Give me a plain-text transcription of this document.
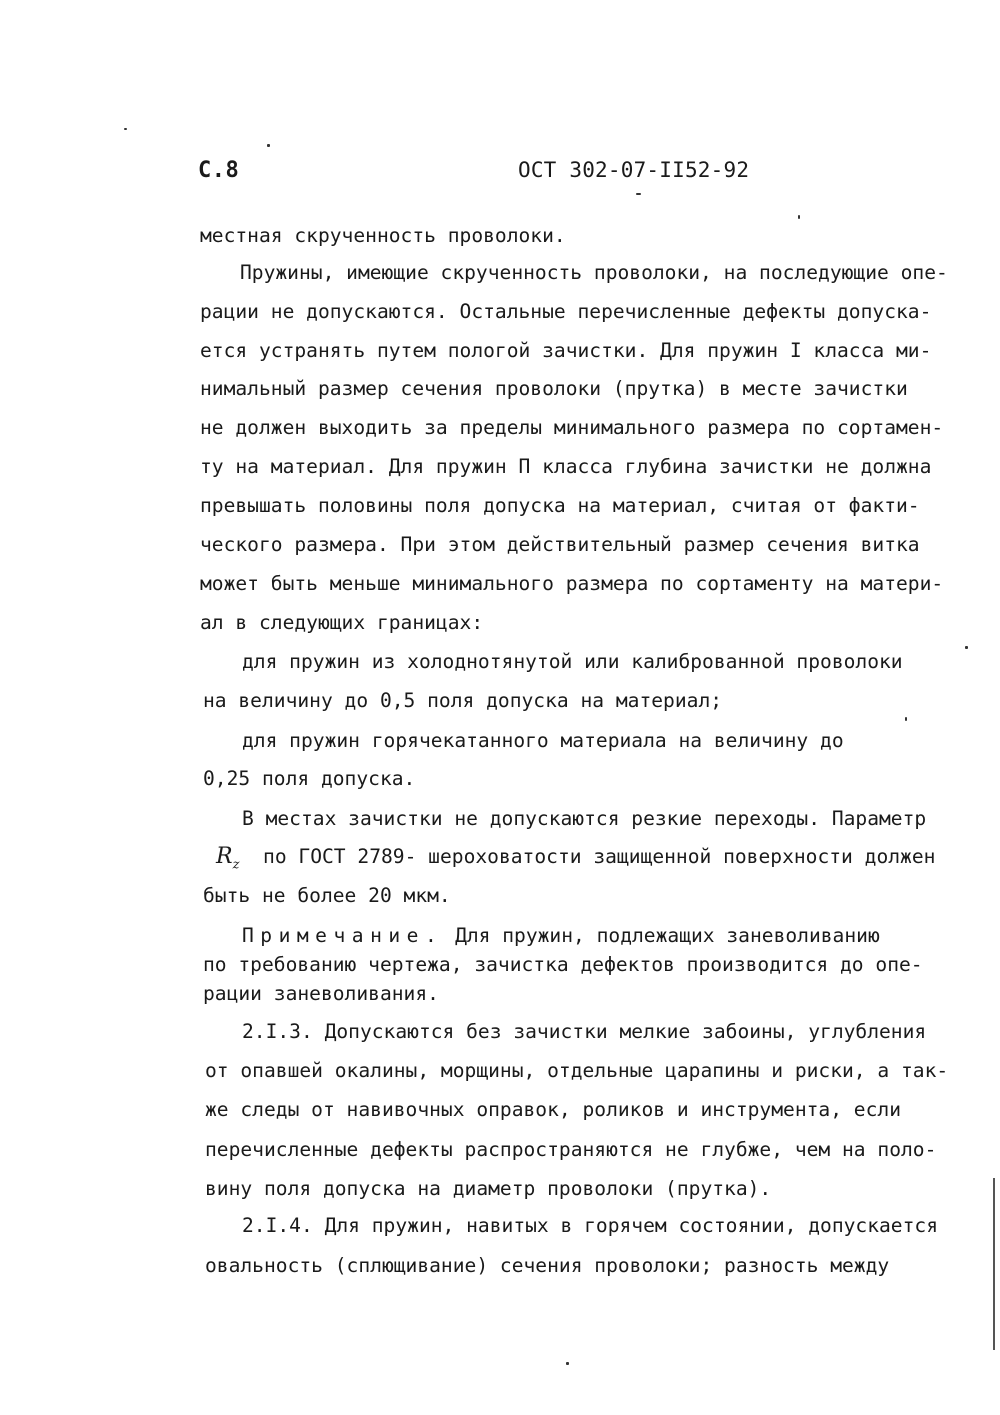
С.8	ОСТ 302-07-II52-92
местная скрученность проволоки.
Пружины, имеющие скрученность проволоки, на последующие опе-
рации не допускаются. Остальные перечисленные дефекты допуска-
ется устранять путем пологой зачистки. Для пружин I класса ми-
нимальный размер сечения проволоки (прутка) в месте зачистки
не должен выходить за пределы минимального размера по сортамен-
ту на материал. Для пружин П класса глубина зачистки не должна
превышать половины поля допуска на материал, считая от факти-
ческого размера. При этом действительный размер сечения витка
может быть меньше минимального размера по сортаменту на матери-
ал в следующих границах:
для пружин из холоднотянутой или калиброванной проволоки
на величину до 0,5 поля допуска на материал;
для пружин горячекатанного материала на величину до
0,25 поля допуска.
В местах зачистки не допускаются резкие переходы. Параметр
$R_z$ по ГОСТ 2789- шероховатости защищенной поверхности должен
быть не более 20 мкм.
Примечание. Для пружин, подлежащих заневоливанию
по требованию чертежа, зачистка дефектов производится до опе-
рации заневоливания.
2.I.3. Допускаются без зачистки мелкие забоины, углубления
от опавшей окалины, морщины, отдельные царапины и риски, а так-
же следы от навивочных оправок, роликов и инструмента, если
перечисленные дефекты распространяются не глубже, чем на поло-
вину поля допуска на диаметр проволоки (прутка).
2.I.4. Для пружин, навитых в горячем состоянии, допускается
овальность (сплющивание) сечения проволоки; разность между
